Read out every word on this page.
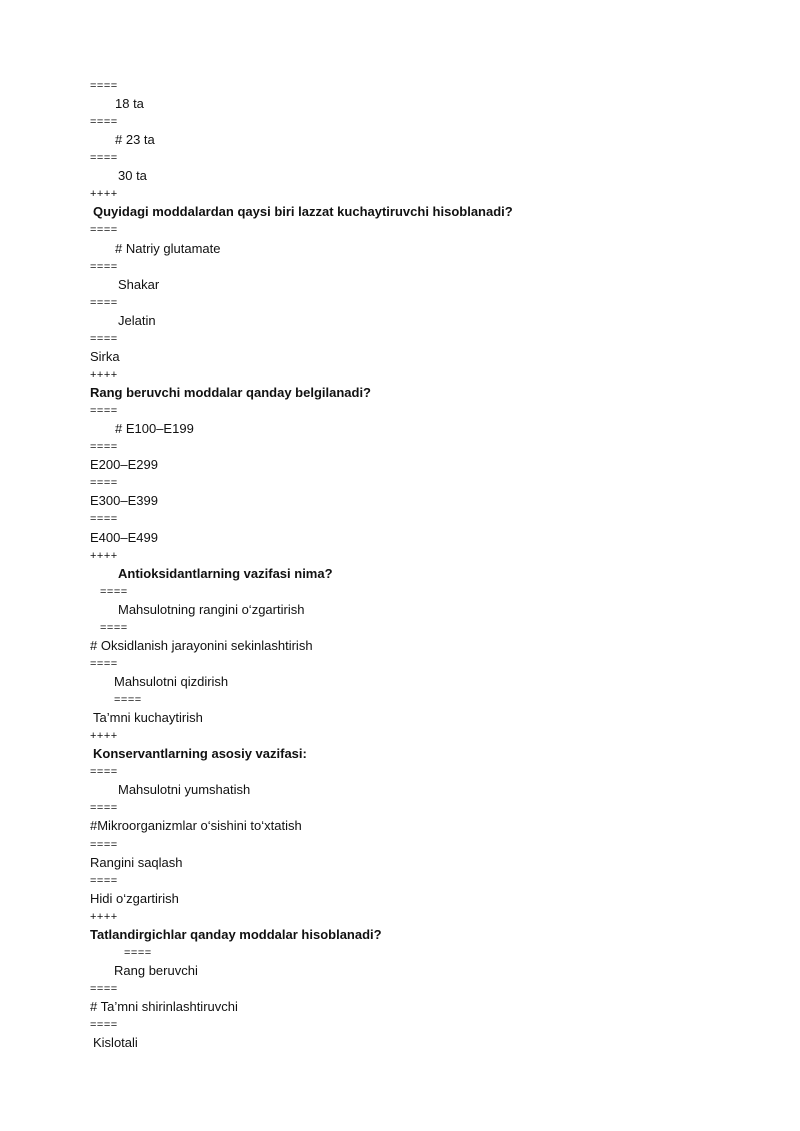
====
18 ta
====
# 23 ta
====
30 ta
++++
Quyidagi moddalardan qaysi biri lazzat kuchaytiruvchi hisoblanadi?
====
# Natriy glutamate
====
Shakar
====
Jelatin
====
Sirka
++++
Rang beruvchi moddalar qanday belgilanadi?
====
# E100–E199
====
E200–E299
====
E300–E399
====
E400–E499
++++
Antioksidantlarning vazifasi nima?
====
Mahsulotning rangini o‘zgartirish
====
# Oksidlanish jarayonini sekinlashtirish
====
Mahsulotni qizdirish
====
Ta’mni kuchaytirish
++++
Konservantlarning asosiy vazifasi:
====
Mahsulotni yumshatish
====
#Mikroorganizmlar o‘sishini to‘xtatish
====
Rangini saqlash
====
Hidi o‘zgartirish
++++
Tatlandirgichlar qanday moddalar hisoblanadi?
====
Rang beruvchi
====
# Ta’mni shirinlashtiruvchi
====
Kislotali
